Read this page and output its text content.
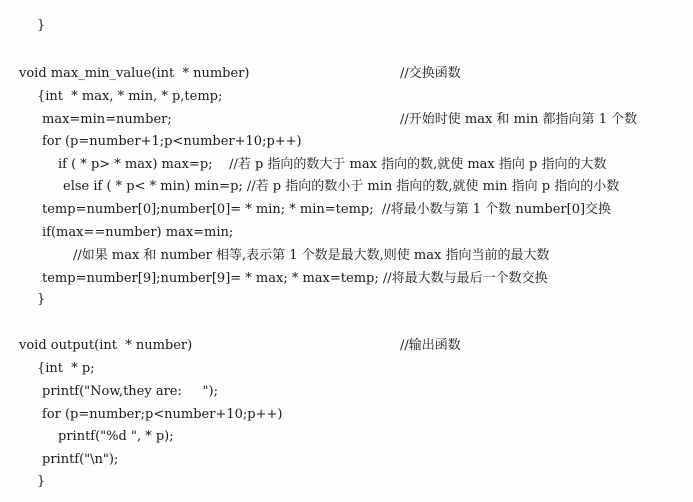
}
void max_min_value(int  * number)	//交换函数
{int  * max, * min, * p,temp;
max=min=number;	//开始时使 max 和 min 都指向第 1 个数
for (p=number+1;p<number+10;p++)
if ( * p> * max) max=p;    //若 p 指向的数大于 max 指向的数,就使 max 指向 p 指向的大数
else if ( * p< * min) min=p; //若 p 指向的数小于 min 指向的数,就使 min 指向 p 指向的小数
temp=number[0];number[0]= * min; * min=temp;  //将最小数与第 1 个数 number[0]交换
if(max==number) max=min;
//如果 max 和 number 相等,表示第 1 个数是最大数,则使 max 指向当前的最大数
temp=number[9];number[9]= * max; * max=temp; //将最大数与最后一个数交换
}
void output(int  * number)	//输出函数
{int  * p;
printf("Now,they are:     ");
for (p=number;p<number+10;p++)
printf("%d ", * p);
printf("\n");
}
